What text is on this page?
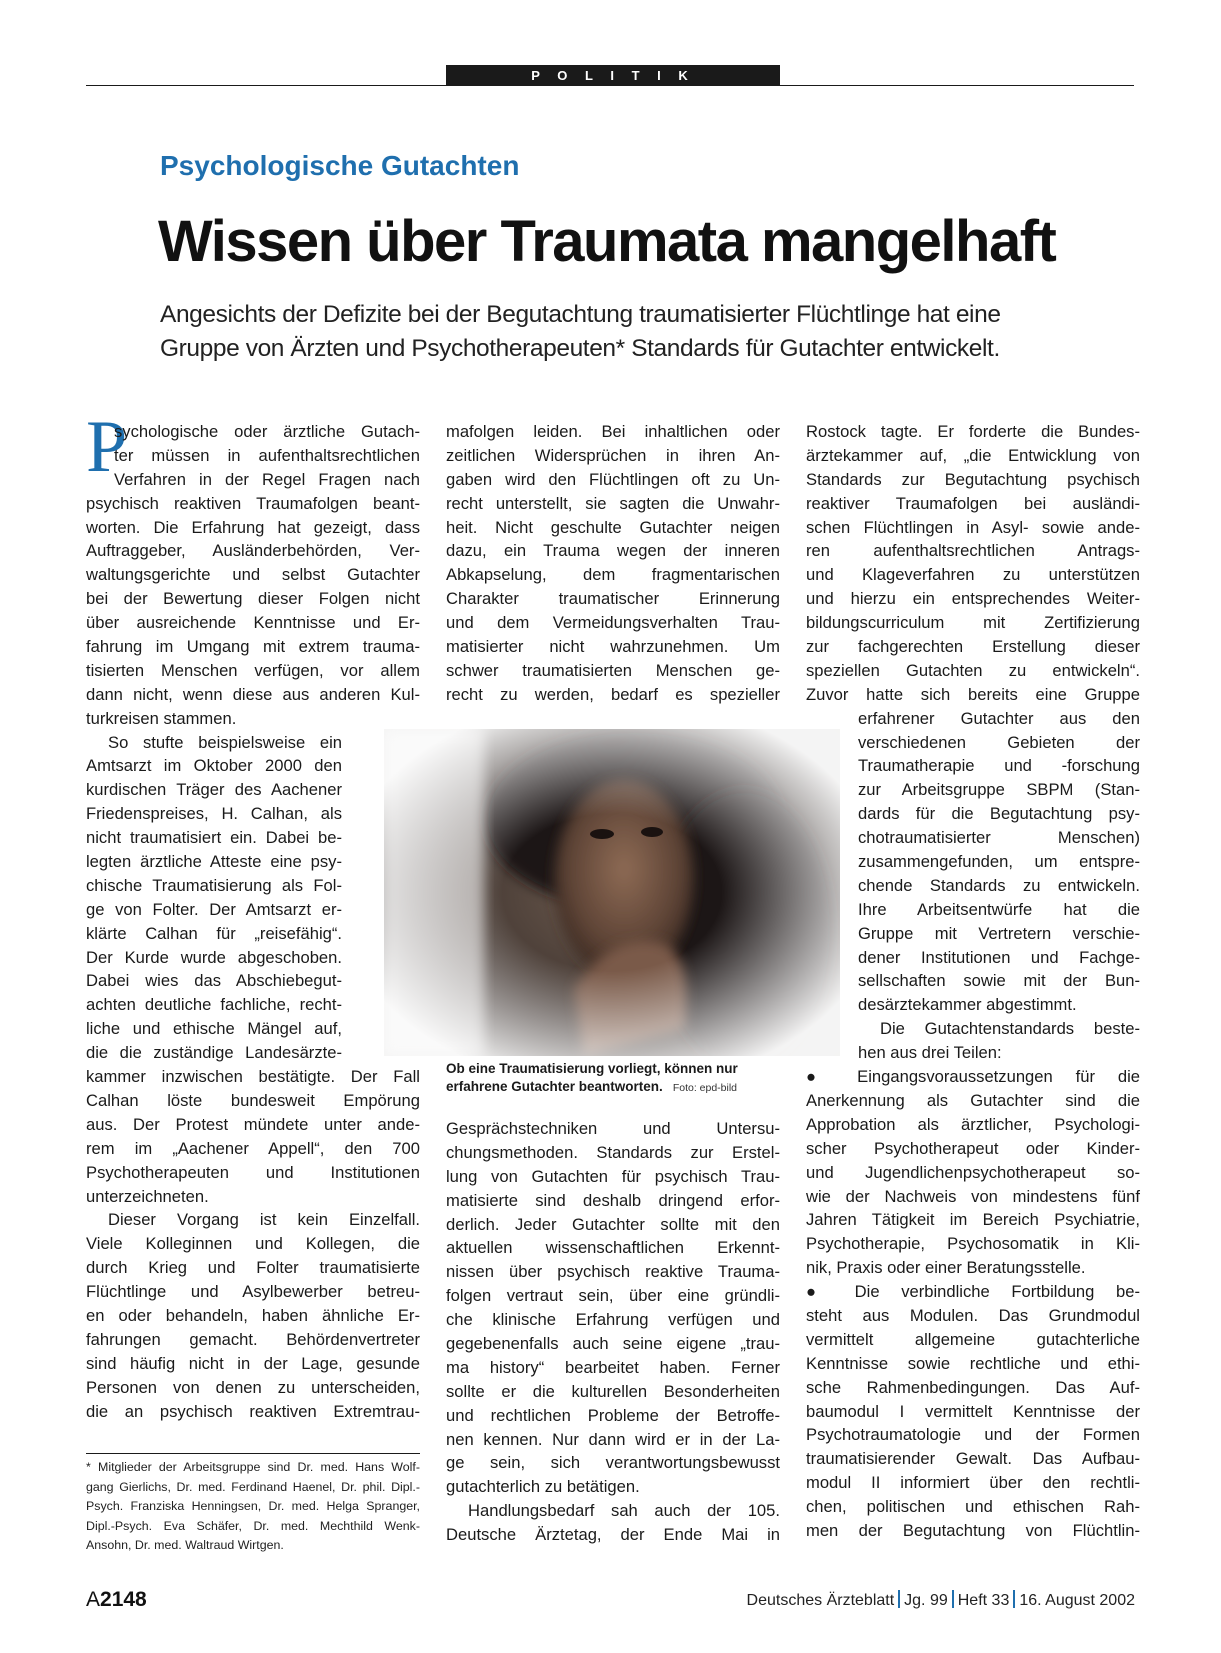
P O L I T I K
Psychologische Gutachten
Wissen über Traumata mangelhaft

Angesichts der Defizite bei der Begutachtung traumatisierter Flüchtlinge hat eine Gruppe von Ärzten und Psychotherapeuten* Standards für Gutachter entwickelt.

P
sychologische oder ärztliche Gutach-
ter müssen in aufenthaltsrechtlichen
Verfahren in der Regel Fragen nach
psychisch reaktiven Traumafolgen beant-
worten. Die Erfahrung hat gezeigt, dass
Auftraggeber, Ausländerbehörden, Ver-
waltungsgerichte und selbst Gutachter
bei der Bewertung dieser Folgen nicht
über ausreichende Kenntnisse und Er-
fahrung im Umgang mit extrem trauma-
tisierten Menschen verfügen, vor allem
dann nicht, wenn diese aus anderen Kul-
turkreisen stammen.
So stufte beispielsweise ein
Amtsarzt im Oktober 2000 den
kurdischen Träger des Aachener
Friedenspreises, H. Calhan, als
nicht traumatisiert ein. Dabei be-
legten ärztliche Atteste eine psy-
chische Traumatisierung als Fol-
ge von Folter. Der Amtsarzt er-
klärte Calhan für „reisefähig“.
Der Kurde wurde abgeschoben.
Dabei wies das Abschiebegut-
achten deutliche fachliche, recht-
liche und ethische Mängel auf,
die die zuständige Landesärzte-
kammer inzwischen bestätigte. Der Fall
Calhan löste bundesweit Empörung
aus. Der Protest mündete unter ande-
rem im „Aachener Appell“, den 700
Psychotherapeuten und Institutionen
unterzeichneten.
Dieser Vorgang ist kein Einzelfall.
Viele Kolleginnen und Kollegen, die
durch Krieg und Folter traumatisierte
Flüchtlinge und Asylbewerber betreu-
en oder behandeln, haben ähnliche Er-
fahrungen gemacht. Behördenvertreter
sind häufig nicht in der Lage, gesunde
Personen von denen zu unterscheiden,
die an psychisch reaktiven Extremtrau-
mafolgen leiden. Bei inhaltlichen oder
zeitlichen Widersprüchen in ihren An-
gaben wird den Flüchtlingen oft zu Un-
recht unterstellt, sie sagten die Unwahr-
heit. Nicht geschulte Gutachter neigen
dazu, ein Trauma wegen der inneren
Abkapselung, dem fragmentarischen
Charakter traumatischer Erinnerung
und dem Vermeidungsverhalten Trau-
matisierter nicht wahrzunehmen. Um
schwer traumatisierten Menschen ge-
recht zu werden, bedarf es spezieller
Gesprächstechniken und Untersu-
chungsmethoden. Standards zur Erstel-
lung von Gutachten für psychisch Trau-
matisierte sind deshalb dringend erfor-
derlich. Jeder Gutachter sollte mit den
aktuellen wissenschaftlichen Erkennt-
nissen über psychisch reaktive Trauma-
folgen vertraut sein, über eine gründli-
che klinische Erfahrung verfügen und
gegebenenfalls auch seine eigene „trau-
ma history“ bearbeitet haben. Ferner
sollte er die kulturellen Besonderheiten
und rechtlichen Probleme der Betroffe-
nen kennen. Nur dann wird er in der La-
ge sein, sich verantwortungsbewusst
gutachterlich zu betätigen.
Handlungsbedarf sah auch der 105.
Deutsche Ärztetag, der Ende Mai in
Rostock tagte. Er forderte die Bundes-
ärztekammer auf, „die Entwicklung von
Standards zur Begutachtung psychisch
reaktiver Traumafolgen bei ausländi-
schen Flüchtlingen in Asyl- sowie ande-
ren aufenthaltsrechtlichen Antrags-
und Klageverfahren zu unterstützen
und hierzu ein entsprechendes Weiter-
bildungscurriculum mit Zertifizierung
zur fachgerechten Erstellung dieser
speziellen Gutachten zu entwickeln“.
Zuvor hatte sich bereits eine Gruppe
erfahrener Gutachter aus den
verschiedenen Gebieten der
Traumatherapie und -forschung
zur Arbeitsgruppe SBPM (Stan-
dards für die Begutachtung psy-
chotraumatisierter Menschen)
zusammengefunden, um entspre-
chende Standards zu entwickeln.
Ihre Arbeitsentwürfe hat die
Gruppe mit Vertretern verschie-
dener Institutionen und Fachge-
sellschaften sowie mit der Bun-
desärztekammer abgestimmt.
Die Gutachtenstandards beste-
hen aus drei Teilen:
● Eingangsvoraussetzungen für die
Anerkennung als Gutachter sind die
Approbation als ärztlicher, Psychologi-
scher Psychotherapeut oder Kinder-
und Jugendlichenpsychotherapeut so-
wie der Nachweis von mindestens fünf
Jahren Tätigkeit im Bereich Psychiatrie,
Psychotherapie, Psychosomatik in Kli-
nik, Praxis oder einer Beratungsstelle.
● Die verbindliche Fortbildung be-
steht aus Modulen. Das Grundmodul
vermittelt allgemeine gutachterliche
Kenntnisse sowie rechtliche und ethi-
sche Rahmenbedingungen. Das Auf-
baumodul I vermittelt Kenntnisse der
Psychotraumatologie und der Formen
traumatisierender Gewalt. Das Aufbau-
modul II informiert über den rechtli-
chen, politischen und ethischen Rah-
men der Begutachtung von Flüchtlin-
Ob eine Traumatisierung vorliegt, können nur erfahrene Gutachter beantworten. Foto: epd-bild
* Mitglieder der Arbeitsgruppe sind Dr. med. Hans Wolf-
gang Gierlichs, Dr. med. Ferdinand Haenel, Dr. phil. Dipl.-
Psych. Franziska Henningsen, Dr. med. Helga Spranger,
Dipl.-Psych. Eva Schäfer, Dr. med. Mechthild Wenk-
Ansohn, Dr. med. Waltraud Wirtgen.
A2148	Deutsches Ärzteblatt Jg. 99 Heft 33 16. August 2002
